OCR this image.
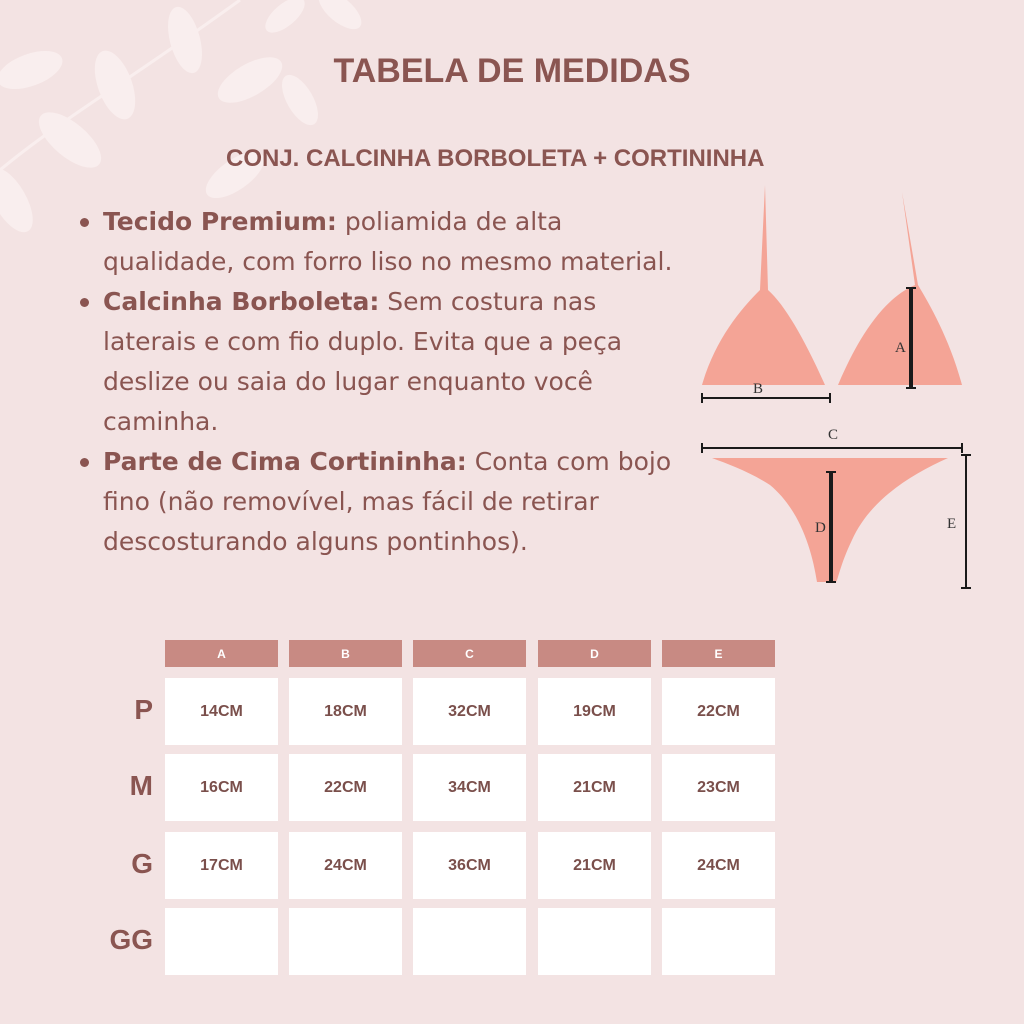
TABELA DE MEDIDAS
CONJ. CALCINHA BORBOLETA + CORTININHA
Tecido Premium: poliamida de alta qualidade, com forro liso no mesmo material.
Calcinha Borboleta: Sem costura nas laterais e com fio duplo. Evita que a peça deslize ou saia do lugar enquanto você caminha.
Parte de Cima Cortininha: Conta com bojo fino (não removível, mas fácil de retirar descosturando alguns pontinhos).
A
B
C
D	E
A	B	C	D	E
P	14CM	18CM	32CM	19CM	22CM
M	16CM	22CM	34CM	21CM	23CM
G	17CM	24CM	36CM	21CM	24CM
GG
